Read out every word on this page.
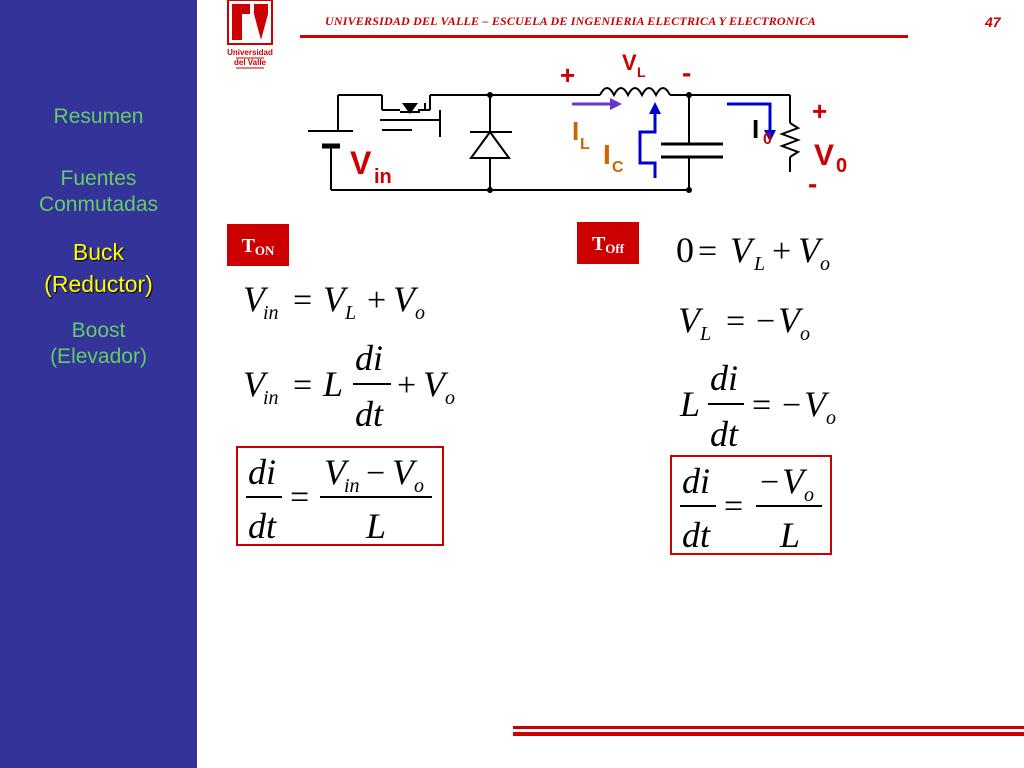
Resumen
Fuentes
Conmutadas
Buck
(Reductor)
Boost
(Elevador)
Universidad
del Valle
UNIVERSIDAD DEL VALLE – ESCUELA DE INGENIERIA ELECTRICA Y ELECTRONICA	47
V L
+	-
I L I C
I 0
+
V 0
-
V in
$T_{ON}$	$T_{Off}$
V
in = V L + V o
V
in = L
di
dt
+ V o
di
dt
=
V
in − V o
L
0 = V L + V o
V L = − V o
L
di
dt
= − V o
di
dt
=
− V o
L
